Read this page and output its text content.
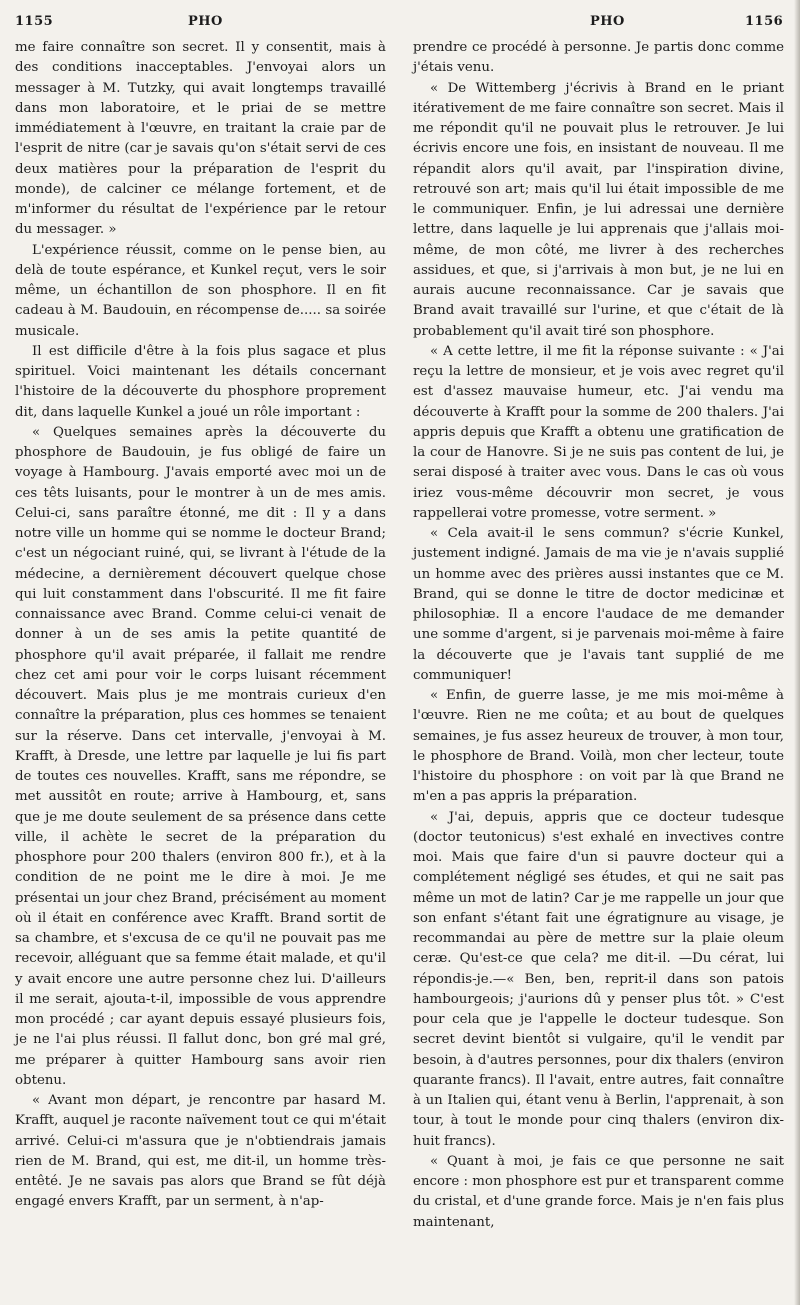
1155	PHO	PHO	1156

me faire connaître son secret. Il y consentit, mais à des conditions inacceptables. J'envoyai alors un messager à M. Tutzky, qui avait longtemps travaillé dans mon laboratoire, et le priai de se mettre immédiatement à l'œuvre, en traitant la craie par de l'esprit de nitre (car je savais qu'on s'était servi de ces deux matières pour la préparation de l'esprit du monde), de calciner ce mélange fortement, et de m'informer du résultat de l'expérience par le retour du messager. »

L'expérience réussit, comme on le pense bien, au delà de toute espérance, et Kunkel reçut, vers le soir même, un échantillon de son phosphore. Il en fit cadeau à M. Baudouin, en récompense de..... sa soirée musicale.

Il est difficile d'être à la fois plus sagace et plus spirituel. Voici maintenant les détails concernant l'histoire de la découverte du phosphore proprement dit, dans laquelle Kunkel a joué un rôle important :

« Quelques semaines après la découverte du phosphore de Baudouin, je fus obligé de faire un voyage à Hambourg. J'avais emporté avec moi un de ces têts luisants, pour le montrer à un de mes amis. Celui-ci, sans paraître étonné, me dit : Il y a dans notre ville un homme qui se nomme le docteur Brand; c'est un négociant ruiné, qui, se livrant à l'étude de la médecine, a dernièrement découvert quelque chose qui luit constamment dans l'obscurité. Il me fit faire connaissance avec Brand. Comme celui-ci venait de donner à un de ses amis la petite quantité de phosphore qu'il avait préparée, il fallait me rendre chez cet ami pour voir le corps luisant récemment découvert. Mais plus je me montrais curieux d'en connaître la préparation, plus ces hommes se tenaient sur la réserve. Dans cet intervalle, j'envoyai à M. Krafft, à Dresde, une lettre par laquelle je lui fis part de toutes ces nouvelles. Krafft, sans me répondre, se met aussitôt en route; arrive à Hambourg, et, sans que je me doute seulement de sa présence dans cette ville, il achète le secret de la préparation du phosphore pour 200 thalers (environ 800 fr.), et à la condition de ne point me le dire à moi. Je me présentai un jour chez Brand, précisément au moment où il était en conférence avec Krafft. Brand sortit de sa chambre, et s'excusa de ce qu'il ne pouvait pas me recevoir, alléguant que sa femme était malade, et qu'il y avait encore une autre personne chez lui. D'ailleurs il me serait, ajouta-t-il, impossible de vous apprendre mon procédé ; car ayant depuis essayé plusieurs fois, je ne l'ai plus réussi. Il fallut donc, bon gré mal gré, me préparer à quitter Hambourg sans avoir rien obtenu.

« Avant mon départ, je rencontre par hasard M. Krafft, auquel je raconte naïvement tout ce qui m'était arrivé. Celui-ci m'assura que je n'obtiendrais jamais rien de M. Brand, qui est, me dit-il, un homme très-entêté. Je ne savais pas alors que Brand se fût déjà engagé envers Krafft, par un serment, à n'ap-

prendre ce procédé à personne. Je partis donc comme j'étais venu.

« De Wittemberg j'écrivis à Brand en le priant itérativement de me faire connaître son secret. Mais il me répondit qu'il ne pouvait plus le retrouver. Je lui écrivis encore une fois, en insistant de nouveau. Il me répandit alors qu'il avait, par l'inspiration divine, retrouvé son art; mais qu'il lui était impossible de me le communiquer. Enfin, je lui adressai une dernière lettre, dans laquelle je lui apprenais que j'allais moi-même, de mon côté, me livrer à des recherches assidues, et que, si j'arrivais à mon but, je ne lui en aurais aucune reconnaissance. Car je savais que Brand avait travaillé sur l'urine, et que c'était de là probablement qu'il avait tiré son phosphore.

« A cette lettre, il me fit la réponse suivante : « J'ai reçu la lettre de monsieur, et je vois avec regret qu'il est d'assez mauvaise humeur, etc. J'ai vendu ma découverte à Krafft pour la somme de 200 thalers. J'ai appris depuis que Krafft a obtenu une gratification de la cour de Hanovre. Si je ne suis pas content de lui, je serai disposé à traiter avec vous. Dans le cas où vous iriez vous-même découvrir mon secret, je vous rappellerai votre promesse, votre serment. »

« Cela avait-il le sens commun? s'écrie Kunkel, justement indigné. Jamais de ma vie je n'avais supplié un homme avec des prières aussi instantes que ce M. Brand, qui se donne le titre de doctor medicinæ et philosophiæ. Il a encore l'audace de me demander une somme d'argent, si je parvenais moi-même à faire la découverte que je l'avais tant supplié de me communiquer!

« Enfin, de guerre lasse, je me mis moi-même à l'œuvre. Rien ne me coûta; et au bout de quelques semaines, je fus assez heureux de trouver, à mon tour, le phosphore de Brand. Voilà, mon cher lecteur, toute l'histoire du phosphore : on voit par là que Brand ne m'en a pas appris la préparation.

« J'ai, depuis, appris que ce docteur tudesque (doctor teutonicus) s'est exhalé en invectives contre moi. Mais que faire d'un si pauvre docteur qui a complétement négligé ses études, et qui ne sait pas même un mot de latin? Car je me rappelle un jour que son enfant s'étant fait une égratignure au visage, je recommandai au père de mettre sur la plaie oleum ceræ. Qu'est-ce que cela? me dit-il. —Du cérat, lui répondis-je.—« Ben, ben, reprit-il dans son patois hambourgeois; j'aurions dû y penser plus tôt. » C'est pour cela que je l'appelle le docteur tudesque. Son secret devint bientôt si vulgaire, qu'il le vendit par besoin, à d'autres personnes, pour dix thalers (environ quarante francs). Il l'avait, entre autres, fait connaître à un Italien qui, étant venu à Berlin, l'apprenait, à son tour, à tout le monde pour cinq thalers (environ dix-huit francs).

« Quant à moi, je fais ce que personne ne sait encore : mon phosphore est pur et transparent comme du cristal, et d'une grande force. Mais je n'en fais plus maintenant,
